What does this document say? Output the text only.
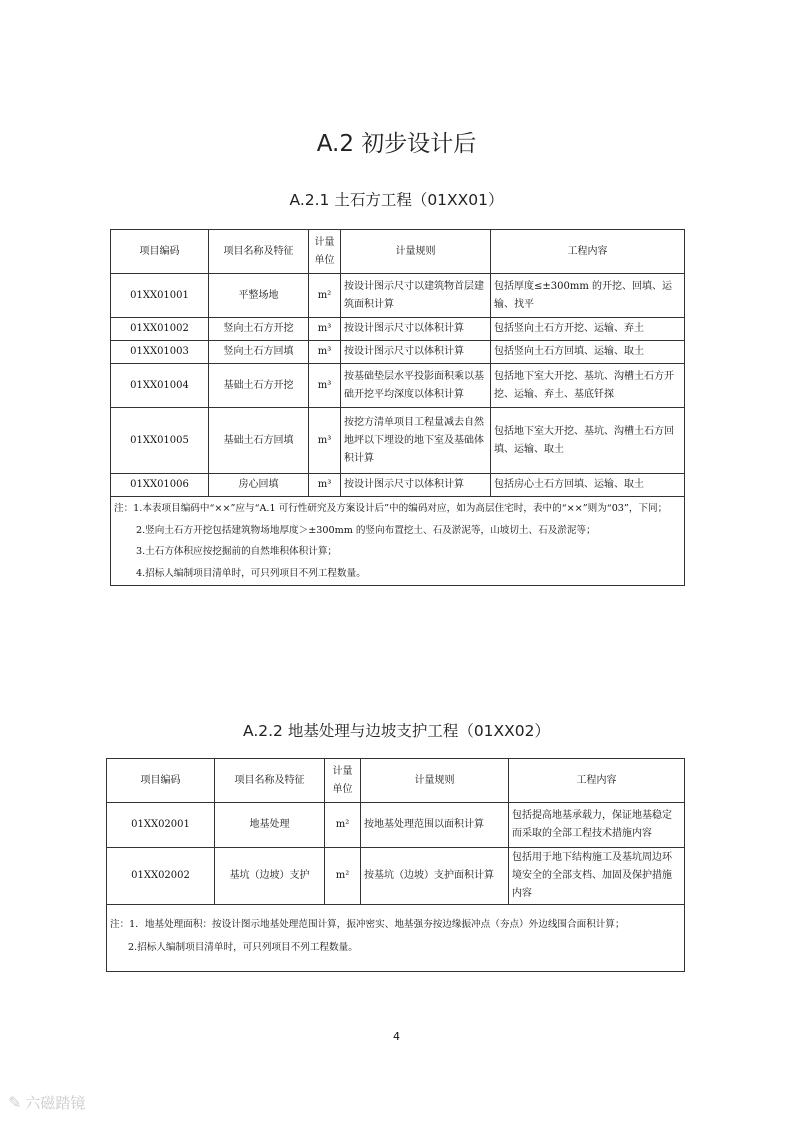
A.2 初步设计后
A.2.1 土石方工程（01XX01）
项目编码	项目名称及特征	计量单位	计量规则	工程内容
01XX01001	平整场地	m²	按设计图示尺寸以建筑物首层建筑面积计算	包括厚度≤±300mm 的开挖、回填、运输、找平
01XX01002	竖向土石方开挖	m³	按设计图示尺寸以体积计算	包括竖向土石方开挖、运输、弃土
01XX01003	竖向土石方回填	m³	按设计图示尺寸以体积计算	包括竖向土石方回填、运输、取土
01XX01004	基础土石方开挖	m³	按基础垫层水平投影面积乘以基础开挖平均深度以体积计算	包括地下室大开挖、基坑、沟槽土石方开挖、运输、弃土、基底钎探
01XX01005	基础土石方回填	m³	按挖方清单项目工程量减去自然地坪以下埋设的地下室及基础体积计算	包括地下室大开挖、基坑、沟槽土石方回填、运输、取土
01XX01006	房心回填	m³	按设计图示尺寸以体积计算	包括房心土石方回填、运输、取土

注：1.本表项目编码中“××”应与“A.1 可行性研究及方案设计后”中的编码对应，如为高层住宅时，表中的“××”则为“03”，下同；
2.竖向土石方开挖包括建筑物场地厚度＞±300mm 的竖向布置挖土、石及淤泥等，山坡切土、石及淤泥等；
3.土石方体积应按挖掘前的自然堆积体积计算；
4.招标人编制项目清单时，可只列项目不列工程数量。				
A.2.2 地基处理与边坡支护工程（01XX02）
项目编码	项目名称及特征	计量单位	计量规则	工程内容
01XX02001	地基处理	m²	按地基处理范围以面积计算	包括提高地基承载力，保证地基稳定而采取的全部工程技术措施内容
01XX02002	基坑（边坡）支护	m²	按基坑（边坡）支护面积计算	包括用于地下结构施工及基坑周边环境安全的全部支档、加固及保护措施内容

注：1．地基处理面积：按设计图示地基处理范围计算，振冲密实、地基强夯按边缘振冲点（夯点）外边线围合面积计算；
2.招标人编制项目清单时，可只列项目不列工程数量。				
4
✎ 六磁踏镜
